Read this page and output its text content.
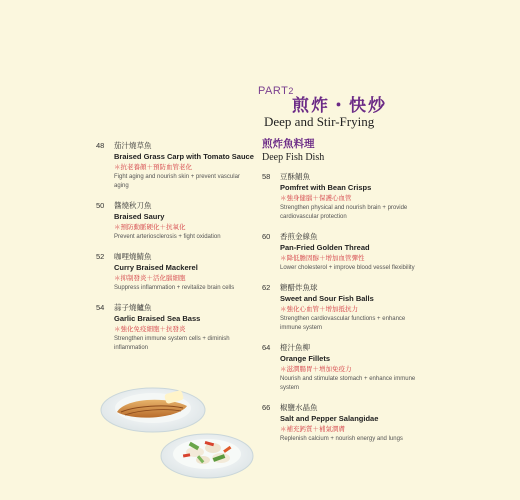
PART2
煎炸・快炒
Deep and Stir-Frying
48 茄汁燒草魚
Braised Grass Carp with Tomato Sauce
＊抗老養顏＋預防血管老化
Fight aging and nourish skin + prevent vascular aging
50 醬燒秋刀魚
Braised Saury
＊預防動脈硬化＋抗氧化
Prevent arteriosclerosis + fight oxidation
52 咖哩燒鯖魚
Curry Braised Mackerel
＊抑制發炎＋活化腦細胞
Suppress inflammation + revitalize brain cells
54 蒜子燒鱸魚
Garlic Braised Sea Bass
＊強化免疫細胞＋抗發炎
Strengthen immune system cells + diminish inflammation
煎炸魚料理
Deep Fish Dish
58 豆酥鯧魚
Pomfret with Bean Crisps
＊強身健腦＋保護心血管
Strengthen physical and nourish brain + provide cardiovascular protection
60 香煎金線魚
Pan-Fried Golden Thread
＊降低膽固醇＋增加血管彈性
Lower cholesterol + improve blood vessel flexibility
62 糖醋炸魚球
Sweet and Sour Fish Balls
＊強化心血管＋增加抵抗力
Strengthen cardiovascular functions + enhance immune system
64 橙汁魚柳
Orange Fillets
＊滋潤腸胃＋增加免疫力
Nourish and stimulate stomach + enhance immune system
66 椒鹽水晶魚
Salt and Pepper Salangidae
＊補充鈣質＋補氣潤膚
Replenish calcium + nourish energy and lungs
